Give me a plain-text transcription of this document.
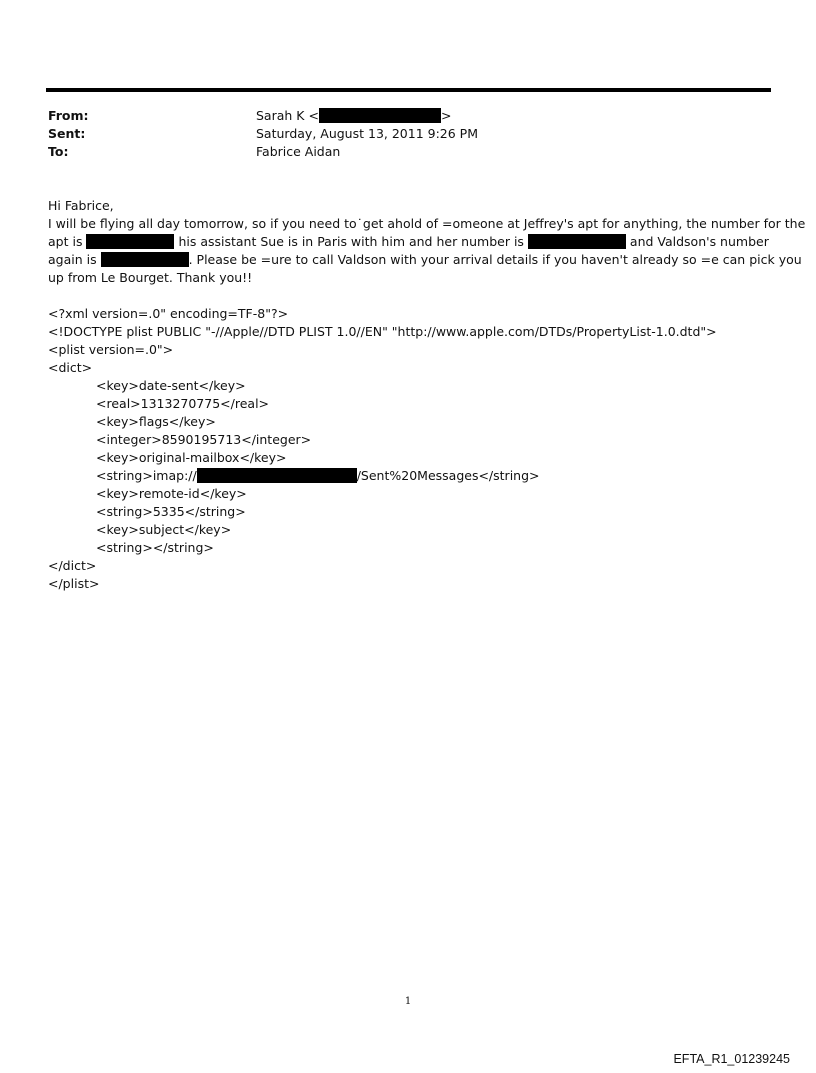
From:	Sarah K <	>
Sent:	Saturday, August 13, 2011 9:26 PM
To:	Fabrice Aidan
Hi Fabrice,
I will be flying all day tomorrow, so if you need to˙get ahold of =omeone at Jeffrey's apt for anything, the number for the
apt is	his assistant Sue is in Paris with him and her number is	and Valdson's number
again is	. Please be =ure to call Valdson with your arrival details if you haven't already so =e can pick you
up from Le Bourget. Thank you!!
<?xml version=.0" encoding=TF-8"?>
<!DOCTYPE plist PUBLIC "-//Apple//DTD PLIST 1.0//EN" "http://www.apple.com/DTDs/PropertyList-1.0.dtd">
<plist version=.0">
<dict>
<key>date-sent</key>
<real>1313270775</real>
<key>flags</key>
<integer>8590195713</integer>
<key>original-mailbox</key>
<string>imap://	/Sent%20Messages</string>
<key>remote-id</key>
<string>5335</string>
<key>subject</key>
<string></string>
</dict>
</plist>
1
EFTA_R1_01239245
